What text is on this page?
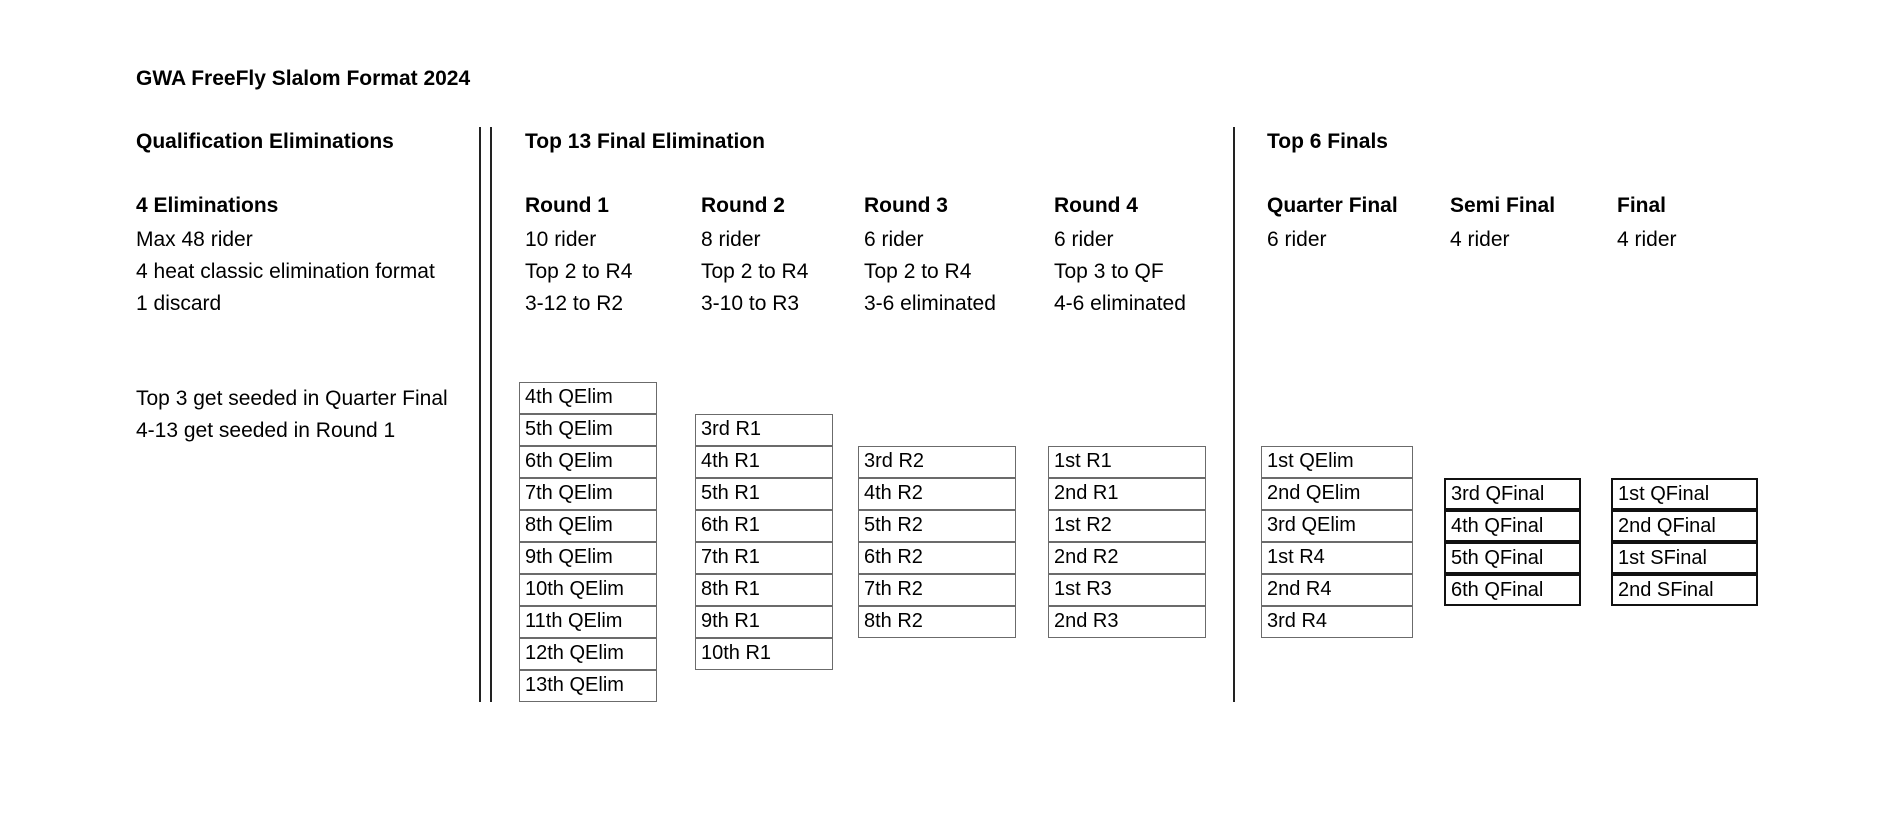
GWA FreeFly Slalom Format 2024
Qualification Eliminations
4 Eliminations
Max 48 rider
4 heat classic elimination format
1 discard
Top 3 get seeded in Quarter Final
4-13 get seeded in Round 1
Top 13 Final Elimination
Round 1
10 rider
Top 2 to R4
3-12 to R2
Round 2
8 rider
Top 2 to R4
3-10 to R3
Round 3
6 rider
Top 2 to R4
3-6 eliminated
Round 4
6 rider
Top 3 to QF
4-6 eliminated
Top 6 Finals
Quarter Final
6 rider
Semi Final
4 rider
Final
4 rider
4th QElim
5th QElim
6th QElim
7th QElim
8th QElim
9th QElim
10th QElim
11th QElim
12th QElim
13th QElim
3rd R1
4th R1
5th R1
6th R1
7th R1
8th R1
9th R1
10th R1
3rd R2
4th R2
5th R2
6th R2
7th R2
8th R2
1st R1
2nd R1
1st R2
2nd R2
1st R3
2nd R3
1st QElim
2nd QElim
3rd QElim
1st R4
2nd R4
3rd R4
3rd QFinal
4th QFinal
5th QFinal
6th QFinal
1st QFinal
2nd QFinal
1st SFinal
2nd SFinal
